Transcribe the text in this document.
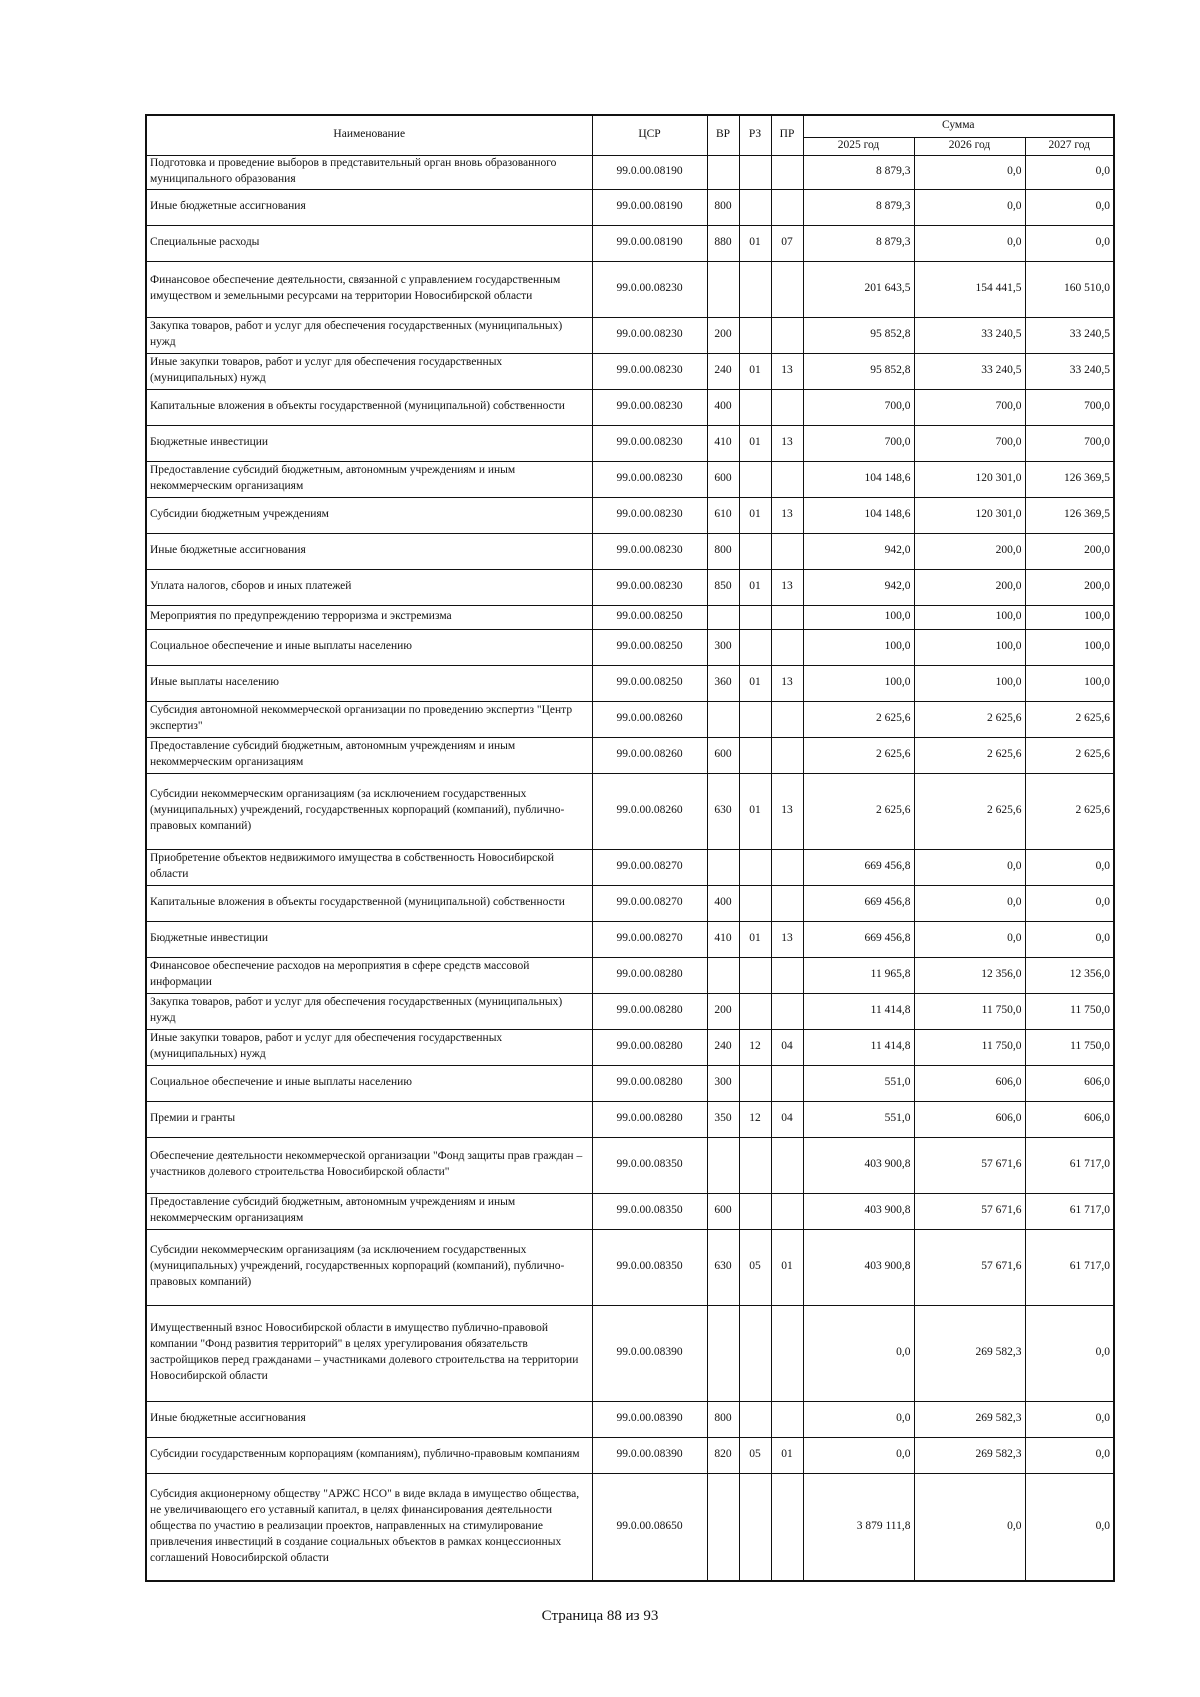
Наименование	ЦСР	ВР	РЗ	ПР	Сумма		
					2025 год	2026 год	2027 год
Подготовка и проведение выборов в представительный орган вновь образованного муниципального образования	99.0.00.08190				8 879,3	0,0	0,0
Иные бюджетные ассигнования	99.0.00.08190	800			8 879,3	0,0	0,0
Специальные расходы	99.0.00.08190	880	01	07	8 879,3	0,0	0,0
Финансовое обеспечение деятельности, связанной с управлением государственным имуществом и земельными ресурсами на территории Новосибирской области	99.0.00.08230				201 643,5	154 441,5	160 510,0
Закупка товаров, работ и услуг для обеспечения государственных (муниципальных) нужд	99.0.00.08230	200			95 852,8	33 240,5	33 240,5
Иные закупки товаров, работ и услуг для обеспечения государственных (муниципальных) нужд	99.0.00.08230	240	01	13	95 852,8	33 240,5	33 240,5
Капитальные вложения в объекты государственной (муниципальной) собственности	99.0.00.08230	400			700,0	700,0	700,0
Бюджетные инвестиции	99.0.00.08230	410	01	13	700,0	700,0	700,0
Предоставление субсидий бюджетным, автономным учреждениям и иным некоммерческим организациям	99.0.00.08230	600			104 148,6	120 301,0	126 369,5
Субсидии бюджетным учреждениям	99.0.00.08230	610	01	13	104 148,6	120 301,0	126 369,5
Иные бюджетные ассигнования	99.0.00.08230	800			942,0	200,0	200,0
Уплата налогов, сборов и иных платежей	99.0.00.08230	850	01	13	942,0	200,0	200,0
Мероприятия по предупреждению терроризма и экстремизма	99.0.00.08250				100,0	100,0	100,0
Социальное обеспечение и иные выплаты населению	99.0.00.08250	300			100,0	100,0	100,0
Иные выплаты населению	99.0.00.08250	360	01	13	100,0	100,0	100,0
Субсидия автономной некоммерческой организации по проведению экспертиз "Центр экспертиз"	99.0.00.08260				2 625,6	2 625,6	2 625,6
Предоставление субсидий бюджетным, автономным учреждениям и иным некоммерческим организациям	99.0.00.08260	600			2 625,6	2 625,6	2 625,6
Субсидии некоммерческим организациям (за исключением государственных (муниципальных) учреждений, государственных корпораций (компаний), публично-правовых компаний)	99.0.00.08260	630	01	13	2 625,6	2 625,6	2 625,6
Приобретение объектов недвижимого имущества в собственность Новосибирской области	99.0.00.08270				669 456,8	0,0	0,0
Капитальные вложения в объекты государственной (муниципальной) собственности	99.0.00.08270	400			669 456,8	0,0	0,0
Бюджетные инвестиции	99.0.00.08270	410	01	13	669 456,8	0,0	0,0
Финансовое обеспечение расходов на мероприятия в сфере средств массовой информации	99.0.00.08280				11 965,8	12 356,0	12 356,0
Закупка товаров, работ и услуг для обеспечения государственных (муниципальных) нужд	99.0.00.08280	200			11 414,8	11 750,0	11 750,0
Иные закупки товаров, работ и услуг для обеспечения государственных (муниципальных) нужд	99.0.00.08280	240	12	04	11 414,8	11 750,0	11 750,0
Социальное обеспечение и иные выплаты населению	99.0.00.08280	300			551,0	606,0	606,0
Премии и гранты	99.0.00.08280	350	12	04	551,0	606,0	606,0
Обеспечение деятельности некоммерческой организации "Фонд защиты прав граждан – участников долевого строительства Новосибирской области"	99.0.00.08350				403 900,8	57 671,6	61 717,0
Предоставление субсидий бюджетным, автономным учреждениям и иным некоммерческим организациям	99.0.00.08350	600			403 900,8	57 671,6	61 717,0
Субсидии некоммерческим организациям (за исключением государственных (муниципальных) учреждений, государственных корпораций (компаний), публично-правовых компаний)	99.0.00.08350	630	05	01	403 900,8	57 671,6	61 717,0
Имущественный взнос Новосибирской области в имущество публично-правовой компании "Фонд развития территорий" в целях урегулирования обязательств застройщиков перед гражданами – участниками долевого строительства на территории Новосибирской области	99.0.00.08390				0,0	269 582,3	0,0
Иные бюджетные ассигнования	99.0.00.08390	800			0,0	269 582,3	0,0
Субсидии государственным корпорациям (компаниям), публично-правовым компаниям	99.0.00.08390	820	05	01	0,0	269 582,3	0,0
Субсидия акционерному обществу "АРЖС НСО" в виде вклада в имущество общества, не увеличивающего его уставный капитал, в целях финансирования деятельности общества по участию в реализации проектов, направленных на стимулирование привлечения инвестиций в создание социальных объектов в рамках концессионных соглашений Новосибирской области	99.0.00.08650				3 879 111,8	0,0	0,0
Страница 88 из 93
